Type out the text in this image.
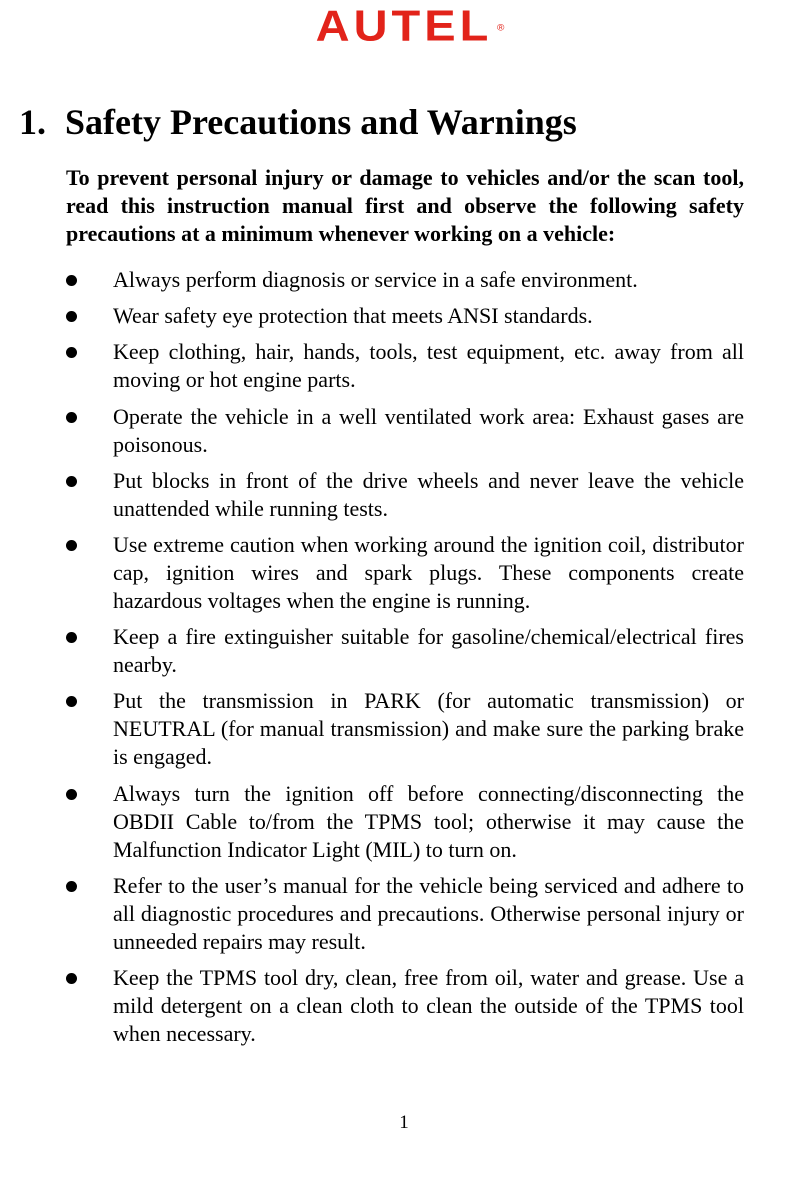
AUTEL ®
1. Safety Precautions and Warnings

To prevent personal injury or damage to vehicles and/or the scan tool, read this instruction manual first and observe the following safety precautions at a minimum whenever working on a vehicle:

Always perform diagnosis or service in a safe environment.
Wear safety eye protection that meets ANSI standards.
Keep clothing, hair, hands, tools, test equipment, etc. away from all moving or hot engine parts.
Operate the vehicle in a well ventilated work area: Exhaust gases are poisonous.
Put blocks in front of the drive wheels and never leave the vehicle unattended while running tests.
Use extreme caution when working around the ignition coil, distributor cap, ignition wires and spark plugs. These components create hazardous voltages when the engine is running.
Keep a fire extinguisher suitable for gasoline/chemical/electrical fires nearby.
Put the transmission in PARK (for automatic transmission) or NEUTRAL (for manual transmission) and make sure the parking brake is engaged.
Always turn the ignition off before connecting/disconnecting the OBDII Cable to/from the TPMS tool; otherwise it may cause the Malfunction Indicator Light (MIL) to turn on.
Refer to the user’s manual for the vehicle being serviced and adhere to all diagnostic procedures and precautions. Otherwise personal injury or unneeded repairs may result.
Keep the TPMS tool dry, clean, free from oil, water and grease. Use a mild detergent on a clean cloth to clean the outside of the TPMS tool when necessary.
1
